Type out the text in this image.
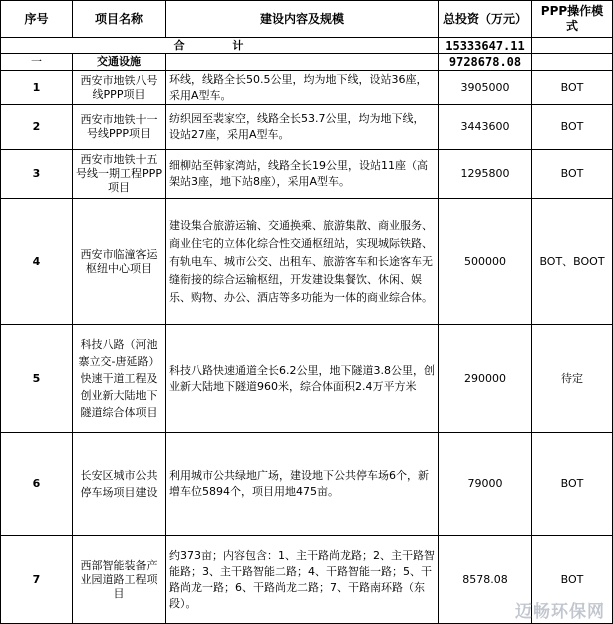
序号	项目名称	建设内容及规模	总投资（万元）	PPP操作模式
合 计			15333647.11	
一	交通设施		9728678.08	
1	西安市地铁八号线PPP项目	环线，线路全长50.5公里，均为地下线，设站36座，采用A型车。	3905000	BOT
2	西安市地铁十一号线PPP项目	纺织园至裴家空，线路全长53.7公里，均为地下线，设站27座，采用A型车。	3443600	BOT
3	西安市地铁十五号线一期工程PPP项目	细柳站至韩家湾站，线路全长19公里，设站11座（高架站3座，地下站8座），采用A型车。	1295800	BOT
4	西安市临潼客运枢纽中心项目	建设集合旅游运输、交通换乘、旅游集散、商业服务、商业住宅的立体化综合性交通枢纽站，实现城际铁路、有轨电车、城市公交、出租车、旅游客车和长途客车无缝衔接的综合运输枢纽，开发建设集餐饮、休闲、娱乐、购物、办公、酒店等多功能为一体的商业综合体。	500000	BOT、BOOT
5	科技八路（河池寨立交-唐延路）快速干道工程及创业新大陆地下隧道综合体项目	科技八路快速通道全长6.2公里，地下隧道3.8公里，创业新大陆地下隧道960米，综合体面积2.4万平方米	290000	待定
6	长安区城市公共停车场项目建设	利用城市公共绿地广场，建设地下公共停车场6个，新增车位5894个，项目用地475亩。	79000	BOT
7	西部智能装备产业园道路工程项目	约373亩；内容包含：1、主干路尚龙路；2、主干路智能路；3、主干路智能二路；4、干路智能一路；5、干路尚龙一路；6、干路尚龙二路；7、干路南环路（东段）。	8578.08	BOT
迈畅环保网
